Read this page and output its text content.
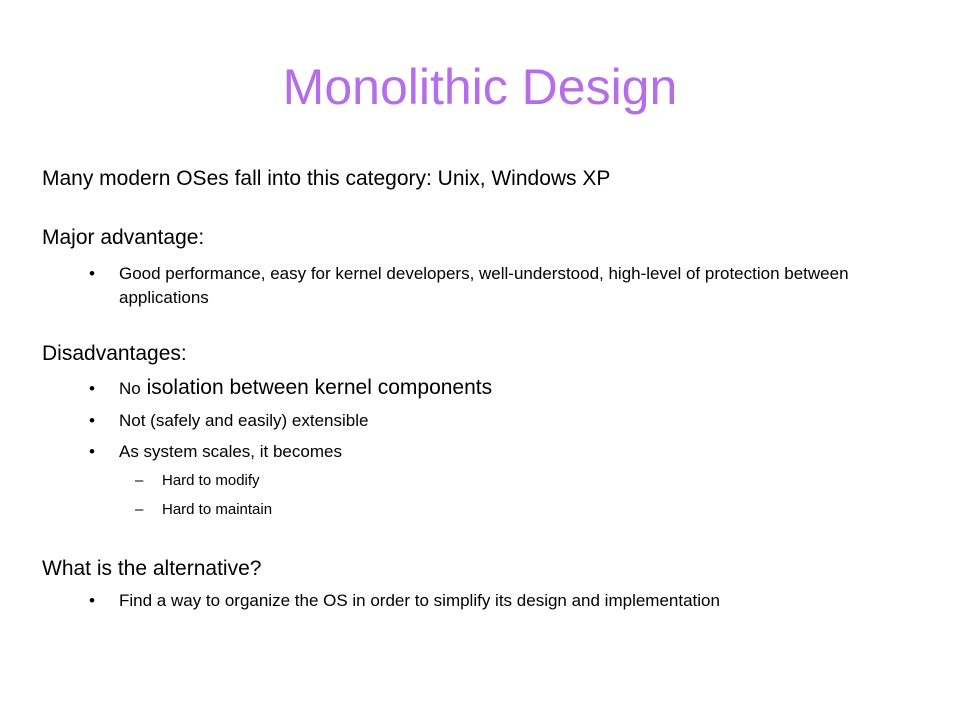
Monolithic Design
Many modern OSes fall into this category: Unix, Windows XP
Major advantage:
• Good performance, easy for kernel developers, well-understood, high-level of protection between applications
Disadvantages:
• No isolation between kernel components
• Not (safely and easily) extensible
• As system scales, it becomes
– Hard to modify
– Hard to maintain
What is the alternative?
• Find a way to organize the OS in order to simplify its design and implementation
